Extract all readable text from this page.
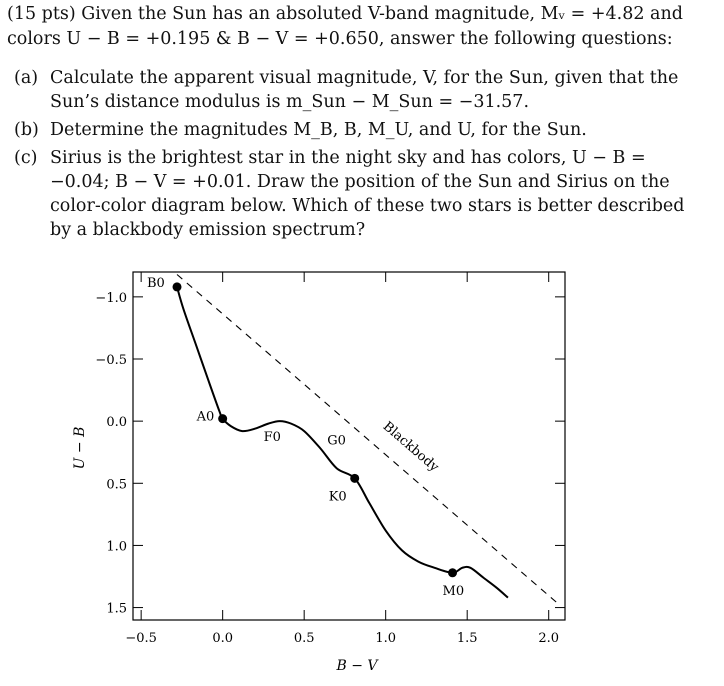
(15 pts) Given the Sun has an absoluted V-band magnitude, Mᵥ = +4.82 and
colors U − B = +0.195 & B − V = +0.650, answer the following questions:
(a) Calculate the apparent visual magnitude, V, for the Sun, given that the Sun’s distance modulus is m_Sun − M_Sun = −31.57.
(b) Determine the magnitudes M_B, B, M_U, and U, for the Sun.
(c) Sirius is the brightest star in the night sky and has colors, U − B = −0.04; B − V = +0.01. Draw the position of the Sun and Sirius on the color-color diagram below. Which of these two stars is better described by a blackbody emission spectrum?
−0.5	0.0	0.5	1.0	1.5	2.0
−1.0
−0.5
0.0
0.5
1.0
1.5
Blackbody
B0
A0
F0	G0
K0
M0
B − V
U − B
